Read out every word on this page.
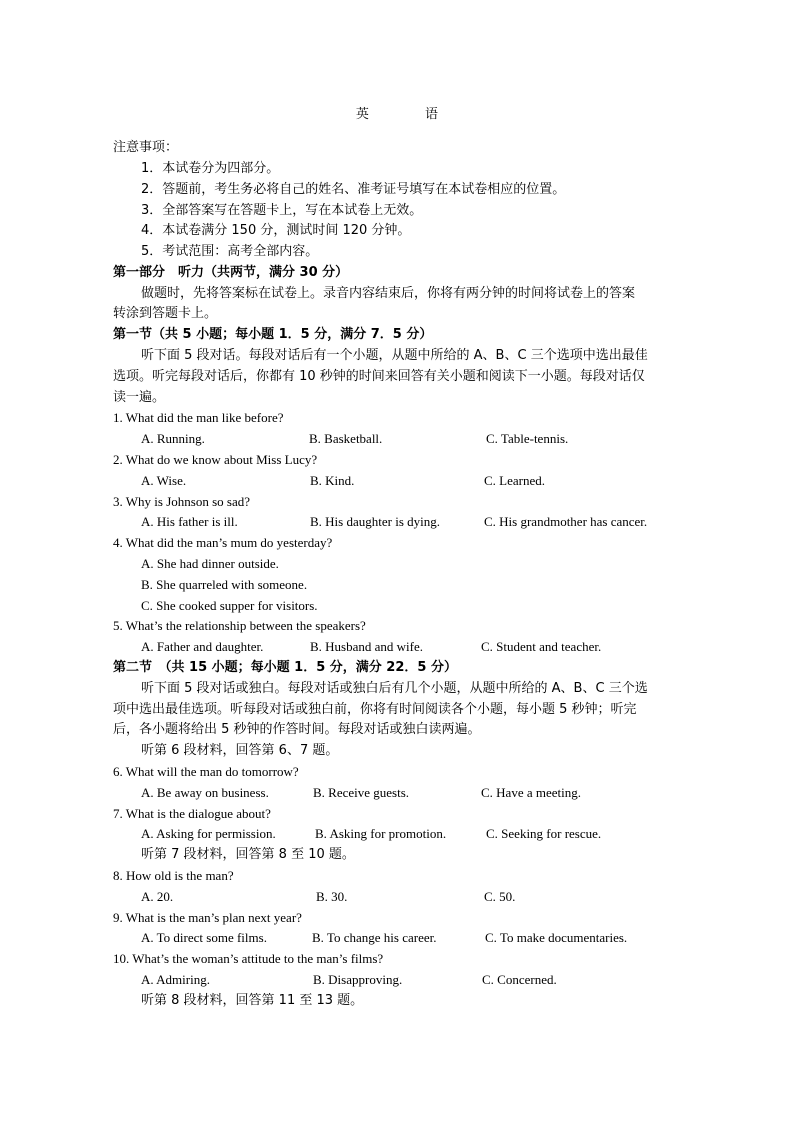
英 语
注意事项：
1．本试卷分为四部分。
2．答题前，考生务必将自己的姓名、准考证号填写在本试卷相应的位置。
3．全部答案写在答题卡上，写在本试卷上无效。
4．本试卷满分 150 分，测试时间 120 分钟。
5．考试范围：高考全部内容。
第一部分　听力（共两节，满分 30 分）
做题时，先将答案标在试卷上。录音内容结束后，你将有两分钟的时间将试卷上的答案
转涂到答题卡上。
第一节（共 5 小题；每小题 1．5 分，满分 7．5 分）
听下面 5 段对话。每段对话后有一个小题，从题中所给的 A、B、C 三个选项中选出最佳
选项。听完每段对话后，你都有 10 秒钟的时间来回答有关小题和阅读下一小题。每段对话仅
读一遍。
1. What did the man like before?
A. Running.	B. Basketball.	C. Table-tennis.
2. What do we know about Miss Lucy?
A. Wise.	B. Kind.	C. Learned.
3. Why is Johnson so sad?
A. His father is ill.	B. His daughter is dying.	C. His grandmother has cancer.
4. What did the man’s mum do yesterday?
A. She had dinner outside.
B. She quarreled with someone.
C. She cooked supper for visitors.
5. What’s the relationship between the speakers?
A. Father and daughter.	B. Husband and wife.	C. Student and teacher.
第二节　（共 15 小题；每小题 1．5 分，满分 22．5 分）
听下面 5 段对话或独白。每段对话或独白后有几个小题，从题中所给的 A、B、C 三个选
项中选出最佳选项。听每段对话或独白前，你将有时间阅读各个小题，每小题 5 秒钟；听完
后，各小题将给出 5 秒钟的作答时间。每段对话或独白读两遍。
听第 6 段材料，回答第 6、7 题。
6. What will the man do tomorrow?
A. Be away on business.	B. Receive guests.	C. Have a meeting.
7. What is the dialogue about?
A. Asking for permission.	B. Asking for promotion.	C. Seeking for rescue.
听第 7 段材料，回答第 8 至 10 题。
8. How old is the man?
A. 20.	B. 30.	C. 50.
9. What is the man’s plan next year?
A. To direct some films.	B. To change his career.	C. To make documentaries.
10. What’s the woman’s attitude to the man’s films?
A. Admiring.	B. Disapproving.	C. Concerned.
听第 8 段材料，回答第 11 至 13 题。
